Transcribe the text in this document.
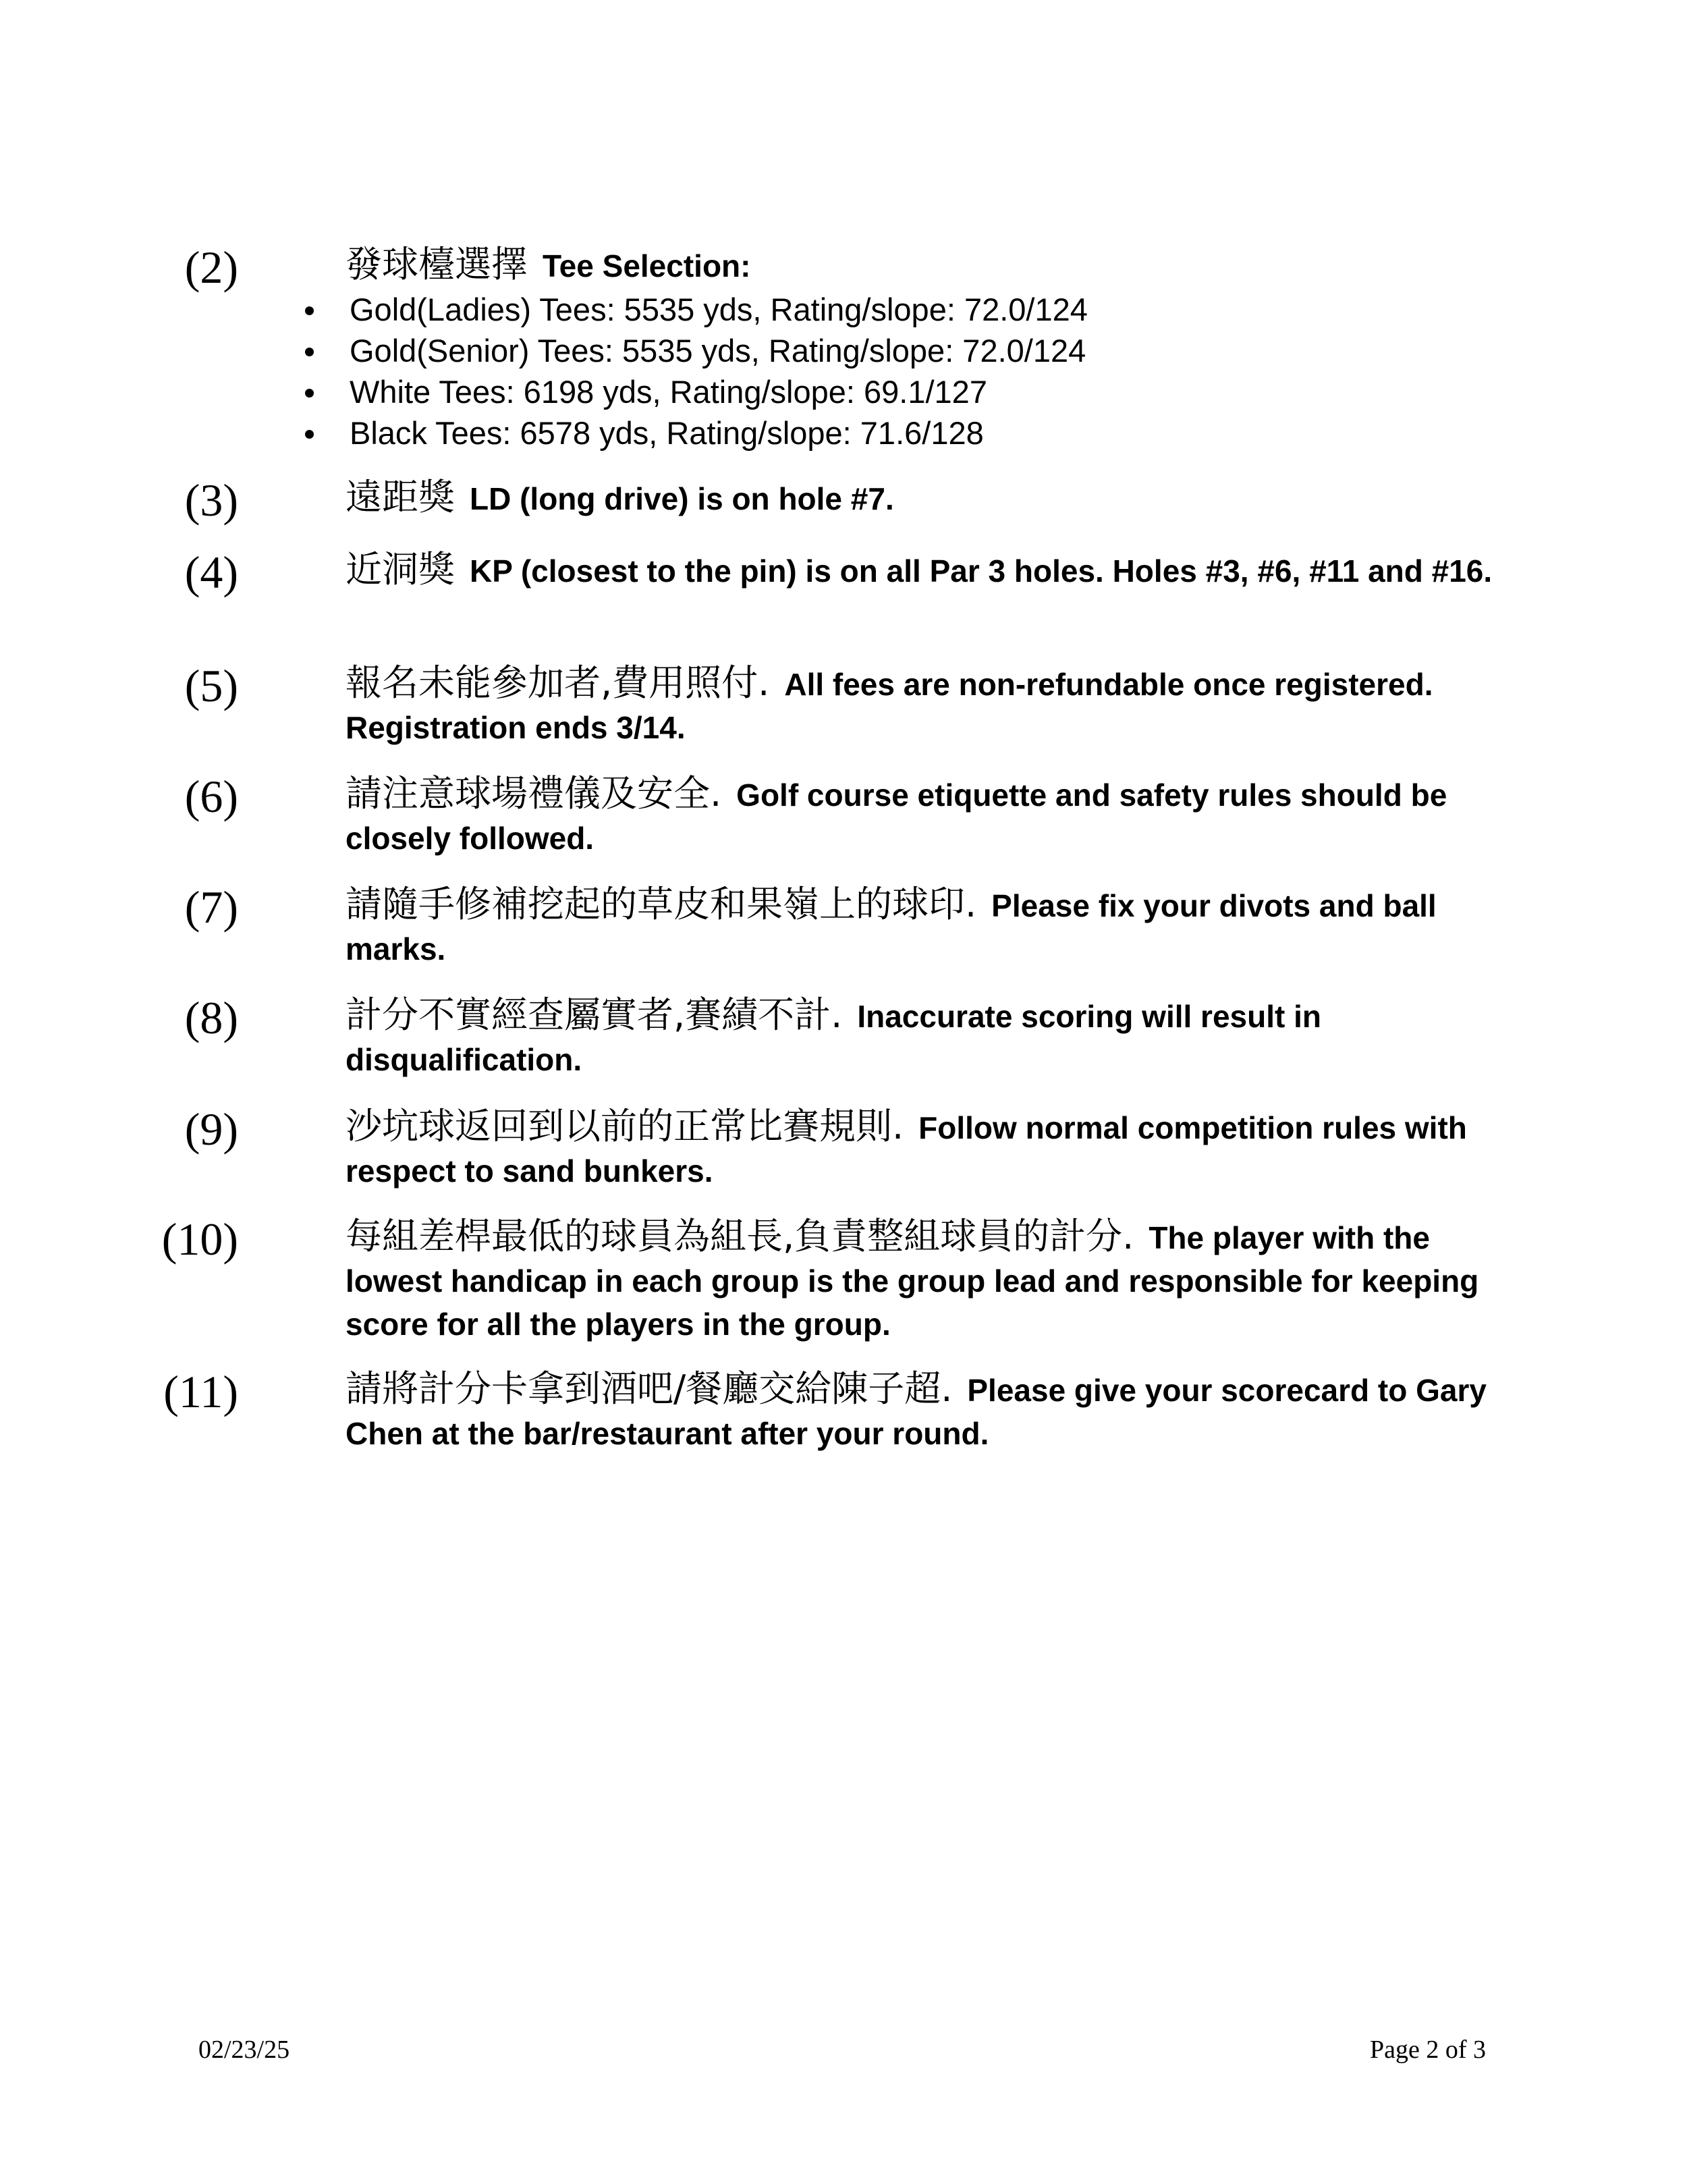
(2)	發球檯選擇 Tee Selection:
Gold(Ladies) Tees: 5535 yds, Rating/slope: 72.0/124
Gold(Senior) Tees: 5535 yds, Rating/slope: 72.0/124
White Tees: 6198 yds, Rating/slope: 69.1/127
Black Tees: 6578 yds, Rating/slope: 71.6/128
(3)	遠距獎 LD (long drive) is on hole #7.
(4)	近洞獎 KP (closest to the pin) is on all Par 3 holes. Holes #3, #6, #11 and #16.
(5)	報名未能參加者,費用照付. All fees are non-refundable once registered. Registration ends 3/14.
(6)	請注意球場禮儀及安全. Golf course etiquette and safety rules should be closely followed.
(7)	請隨手修補挖起的草皮和果嶺上的球印. Please fix your divots and ball marks.
(8)	計分不實經查屬實者,賽績不計. Inaccurate scoring will result in disqualification.
(9)	沙坑球返回到以前的正常比賽規則. Follow normal competition rules with respect to sand bunkers.
(10)	每組差桿最低的球員為組長,負責整組球員的計分. The player with the lowest handicap in each group is the group lead and responsible for keeping score for all the players in the group.
(11)	請將計分卡拿到酒吧/餐廳交給陳子超. Please give your scorecard to Gary Chen at the bar/restaurant after your round.
02/23/25	Page 2 of 3
